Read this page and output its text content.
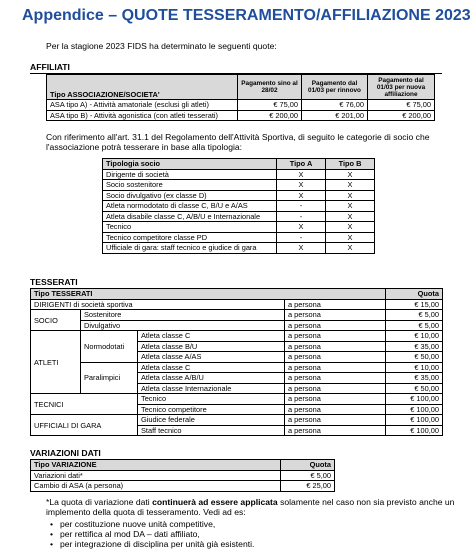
Appendice – QUOTE TESSERAMENTO/AFFILIAZIONE 2023
Per la stagione 2023 FIDS ha determinato le seguenti quote:
AFFILIATI
Tipo ASSOCIAZIONE/SOCIETA'	Pagamento sino al 28/02	Pagamento dal 01/03 per rinnovo	Pagamento dal 01/03 per nuova affiliazione
ASA tipo A) - Attività amatoriale (esclusi gli atleti)	€ 75,00	€ 76,00	€ 75,00
ASA tipo B) - Attività agonistica (con atleti tesserati)	€ 200,00	€ 201,00	€ 200,00
Con riferimento all'art. 31.1 del Regolamento dell'Attività Sportiva, di seguito le categorie di socio che l'associazione potrà tesserare in base alla tipologia:
Tipologia socio	Tipo A	Tipo B
Dirigente di società	X	X
Socio sostenitore	X	X
Socio divulgativo (ex classe D)	X	X
Atleta normodotato di classe C, B/U e A/AS	-	X
Atleta disabile classe C, A/B/U e Internazionale	-	X
Tecnico	X	X
Tecnico competitore classe PD	-	X
Ufficiale di gara: staff tecnico e giudice di gara	X	X
TESSERATI
Tipo TESSERATI				Quota
DIRIGENTI di società sportiva			a persona	€ 15,00
SOCIO	Sostenitore		a persona	€ 5,00
	Divulgativo		a persona	€ 5,00
ATLETI	Normodotati	Atleta classe C	a persona	€ 10,00
		Atleta classe B/U	a persona	€ 35,00
		Atleta classe A/AS	a persona	€ 50,00
	Paralimpici	Atleta classe C	a persona	€ 10,00
		Atleta classe A/B/U	a persona	€ 35,00
		Atleta classe Internazionale	a persona	€ 50,00
TECNICI		Tecnico	a persona	€ 100,00
		Tecnico competitore	a persona	€ 100,00
UFFICIALI DI GARA		Giudice federale	a persona	€ 100,00
		Staff tecnico	a persona	€ 100,00
VARIAZIONI DATI
Tipo VARIAZIONE	Quota
Variazioni dati*	€ 5,00
Cambio di ASA (a persona)	€ 25,00
*La quota di variazione dati continuerà ad essere applicata solamente nel caso non sia previsto anche un implemento della quota di tesseramento. Vedi ad es:
• per costituzione nuove unità competitive,
• per rettifica al mod DA – dati affiliato,
• per integrazione di disciplina per unità già esistenti.
